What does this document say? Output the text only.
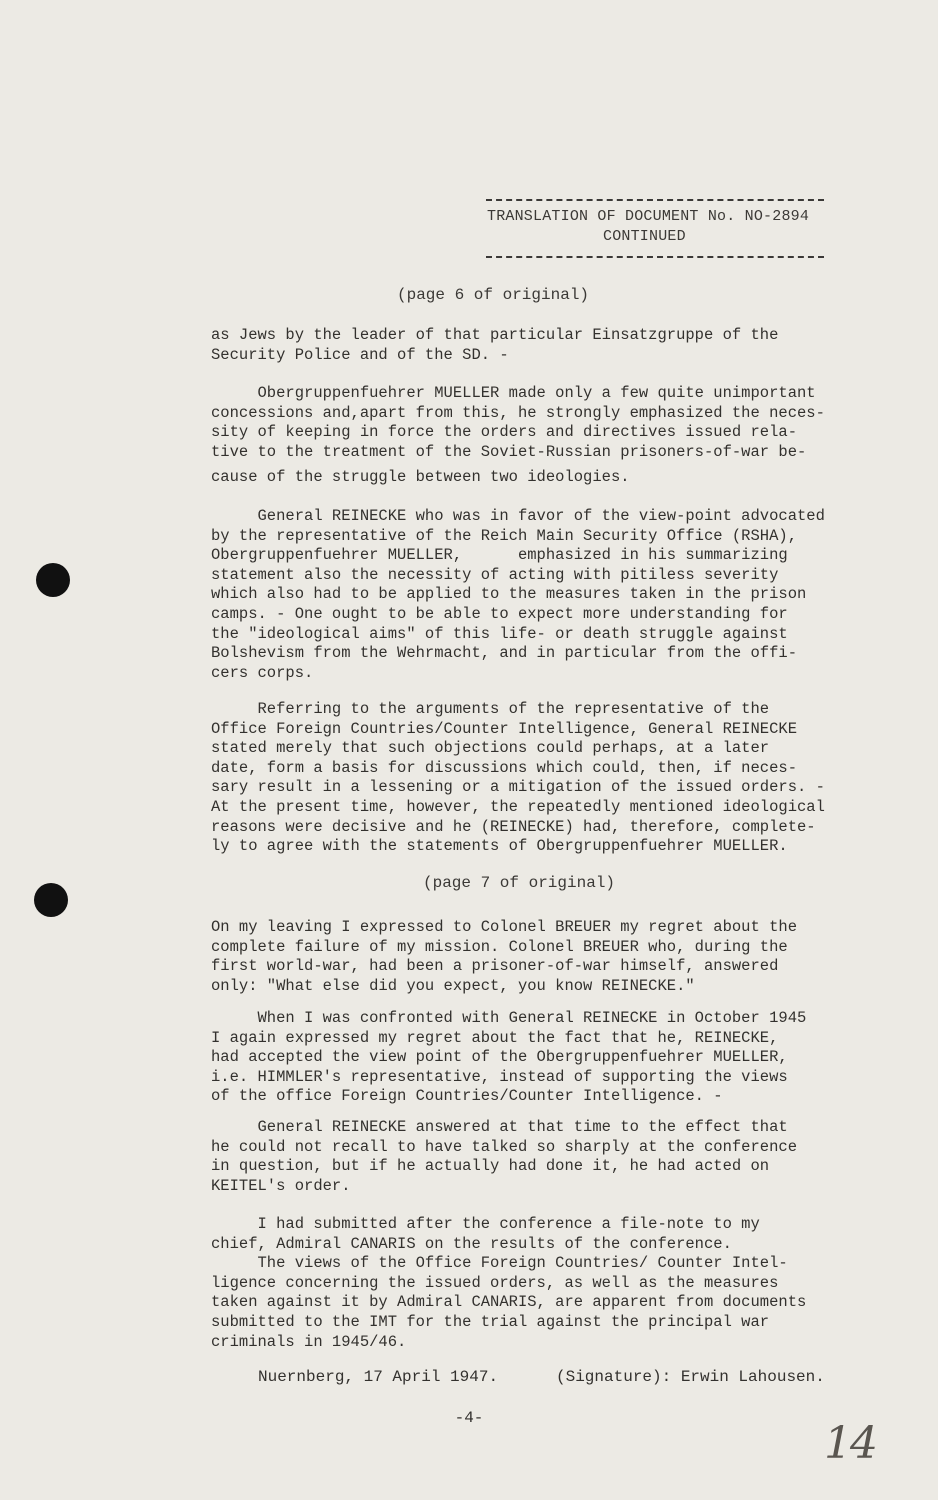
TRANSLATION OF DOCUMENT No. NO-2894
CONTINUED
(page 6 of original)
as Jews by the leader of that particular Einsatzgruppe of the
Security Police and of the SD. -
Obergruppenfuehrer MUELLER made only a few quite unimportant
concessions and,apart from this, he strongly emphasized the neces-
sity of keeping in force the orders and directives issued rela-
tive to the treatment of the Soviet-Russian prisoners-of-war be-
cause of the struggle between two ideologies.
General REINECKE who was in favor of the view-point advocated
by the representative of the Reich Main Security Office (RSHA),
Obergruppenfuehrer MUELLER,      emphasized in his summarizing
statement also the necessity of acting with pitiless severity
which also had to be applied to the measures taken in the prison
camps. - One ought to be able to expect more understanding for
the "ideological aims" of this life- or death struggle against
Bolshevism from the Wehrmacht, and in particular from the offi-
cers corps.
Referring to the arguments of the representative of the
Office Foreign Countries/Counter Intelligence, General REINECKE
stated merely that such objections could perhaps, at a later
date, form a basis for discussions which could, then, if neces-
sary result in a lessening or a mitigation of the issued orders. -
At the present time, however, the repeatedly mentioned ideological
reasons were decisive and he (REINECKE) had, therefore, complete-
ly to agree with the statements of Obergruppenfuehrer MUELLER.
(page 7 of original)
On my leaving I expressed to Colonel BREUER my regret about the
complete failure of my mission. Colonel BREUER who, during the
first world-war, had been a prisoner-of-war himself, answered
only: "What else did you expect, you know REINECKE."
When I was confronted with General REINECKE in October 1945
I again expressed my regret about the fact that he, REINECKE,
had accepted the view point of the Obergruppenfuehrer MUELLER,
i.e. HIMMLER's representative, instead of supporting the views
of the office Foreign Countries/Counter Intelligence. -
General REINECKE answered at that time to the effect that
he could not recall to have talked so sharply at the conference
in question, but if he actually had done it, he had acted on
KEITEL's order.
I had submitted after the conference a file-note to my
chief, Admiral CANARIS on the results of the conference.
The views of the Office Foreign Countries/ Counter Intel-
ligence concerning the issued orders, as well as the measures
taken against it by Admiral CANARIS, are apparent from documents
submitted to the IMT for the trial against the principal war
criminals in 1945/46.
Nuernberg, 17 April 1947.	(Signature): Erwin Lahousen.
-4-	14
